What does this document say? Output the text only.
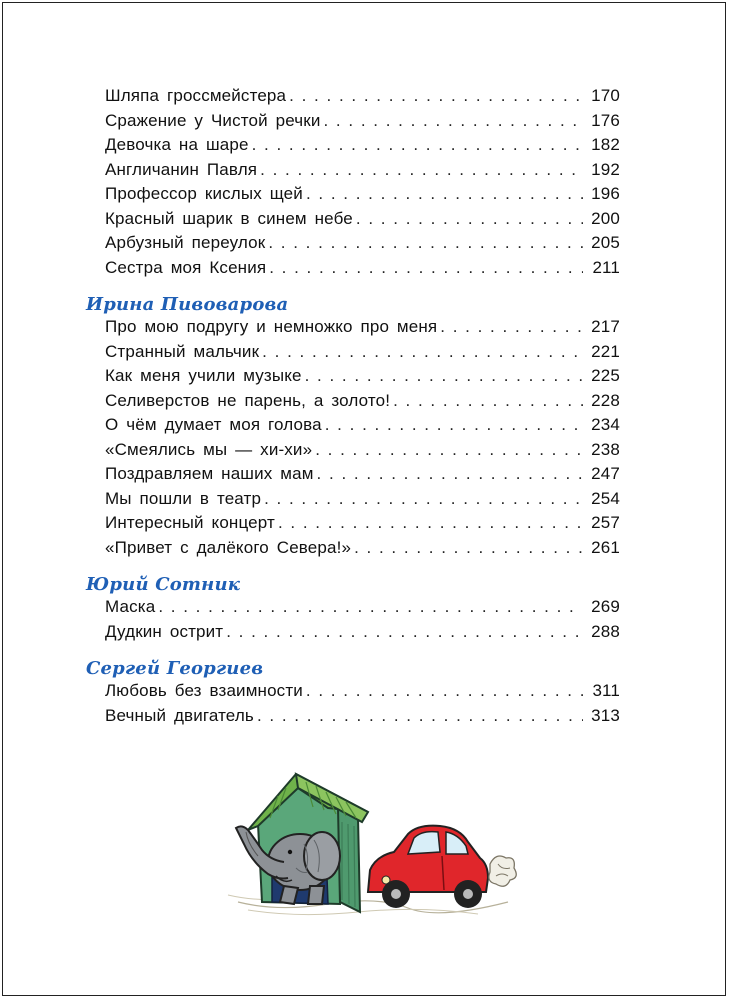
Шляпа гроссмейстера . . .	170
Сражение у Чистой речки . . .	176
Девочка на шаре . . .	182
Англичанин Павля . . .	192
Профессор кислых щей . . .	196
Красный шарик в синем небе . . .	200
Арбузный переулок . . .	205
Сестра моя Ксения . . .	211
Ирина Пивоварова
Про мою подругу и немножко про меня . . .	217
Странный мальчик . . .	221
Как меня учили музыке . . .	225
Селиверстов не парень, а золото! . . .	228
О чём думает моя голова . . .	234
«Смеялись мы — хи-хи» . . .	238
Поздравляем наших мам . . .	247
Мы пошли в театр . . .	254
Интересный концерт . . .	257
«Привет с далёкого Севера!» . . .	261
Юрий Сотник
Маска . . .	269
Дудкин острит . . .	288
Сергей Георгиев
Любовь без взаимности . . .	311
Вечный двигатель . . .	313
